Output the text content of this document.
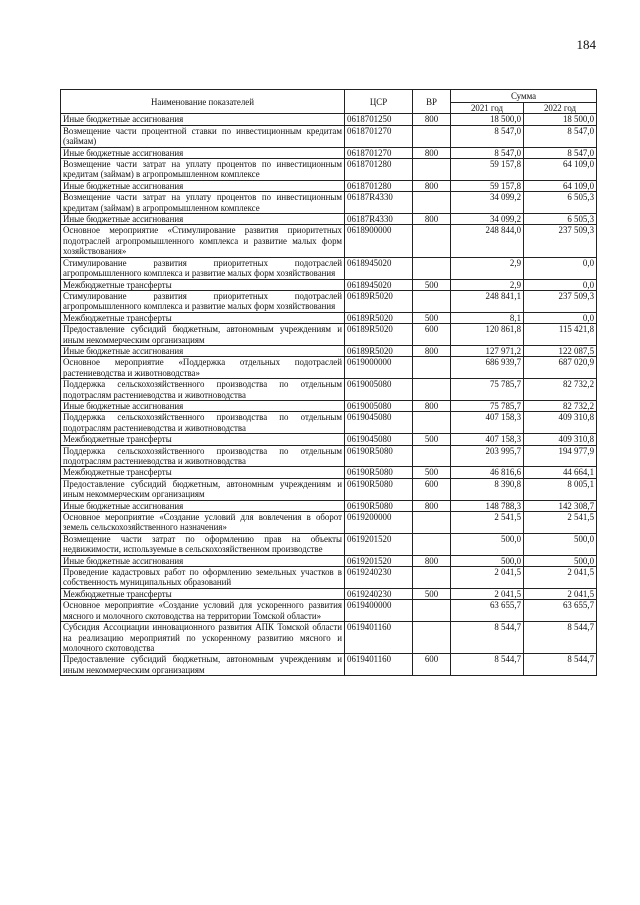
184
Наименование показателей	ЦСР	ВР	Сумма	
			2021 год	2022 год
Иные бюджетные ассигнования	0618701250	800	18 500,0	18 500,0
Возмещение части процентной ставки по инвестиционным кредитам (займам)	0618701270		8 547,0	8 547,0
Иные бюджетные ассигнования	0618701270	800	8 547,0	8 547,0
Возмещение части затрат на уплату процентов по инвестиционным кредитам (займам) в агропромышленном комплексе	0618701280		59 157,8	64 109,0
Иные бюджетные ассигнования	0618701280	800	59 157,8	64 109,0
Возмещение части затрат на уплату процентов по инвестиционным кредитам (займам) в агропромышленном комплексе	06187R4330		34 099,2	6 505,3
Иные бюджетные ассигнования	06187R4330	800	34 099,2	6 505,3
Основное мероприятие «Стимулирование развития приоритетных подотраслей агропромышленного комплекса и развитие малых форм хозяйствования»	0618900000		248 844,0	237 509,3
Стимулирование развития приоритетных подотраслей агропромышленного комплекса и развитие малых форм хозяйствования	0618945020		2,9	0,0
Межбюджетные трансферты	0618945020	500	2,9	0,0
Стимулирование развития приоритетных подотраслей агропромышленного комплекса и развитие малых форм хозяйствования	06189R5020		248 841,1	237 509,3
Межбюджетные трансферты	06189R5020	500	8,1	0,0
Предоставление субсидий бюджетным, автономным учреждениям и иным некоммерческим организациям	06189R5020	600	120 861,8	115 421,8
Иные бюджетные ассигнования	06189R5020	800	127 971,2	122 087,5
Основное мероприятие «Поддержка отдельных подотраслей растениеводства и животноводства»	0619000000		686 939,7	687 020,9
Поддержка сельскохозяйственного производства по отдельным подотраслям растениеводства и животноводства	0619005080		75 785,7	82 732,2
Иные бюджетные ассигнования	0619005080	800	75 785,7	82 732,2
Поддержка сельскохозяйственного производства по отдельным подотраслям растениеводства и животноводства	0619045080		407 158,3	409 310,8
Межбюджетные трансферты	0619045080	500	407 158,3	409 310,8
Поддержка сельскохозяйственного производства по отдельным подотраслям растениеводства и животноводства	06190R5080		203 995,7	194 977,9
Межбюджетные трансферты	06190R5080	500	46 816,6	44 664,1
Предоставление субсидий бюджетным, автономным учреждениям и иным некоммерческим организациям	06190R5080	600	8 390,8	8 005,1
Иные бюджетные ассигнования	06190R5080	800	148 788,3	142 308,7
Основное мероприятие «Создание условий для вовлечения в оборот земель сельскохозяйственного назначения»	0619200000		2 541,5	2 541,5
Возмещение части затрат по оформлению прав на объекты недвижимости, используемые в сельскохозяйственном производстве	0619201520		500,0	500,0
Иные бюджетные ассигнования	0619201520	800	500,0	500,0
Проведение кадастровых работ по оформлению земельных участков в собственность муниципальных образований	0619240230		2 041,5	2 041,5
Межбюджетные трансферты	0619240230	500	2 041,5	2 041,5
Основное мероприятие «Создание условий для ускоренного развития мясного и молочного скотоводства на территории Томской области»	0619400000		63 655,7	63 655,7
Субсидия Ассоциации инновационного развития АПК Томской области на реализацию мероприятий по ускоренному развитию мясного и молочного скотоводства	0619401160		8 544,7	8 544,7
Предоставление субсидий бюджетным, автономным учреждениям и иным некоммерческим организациям	0619401160	600	8 544,7	8 544,7
